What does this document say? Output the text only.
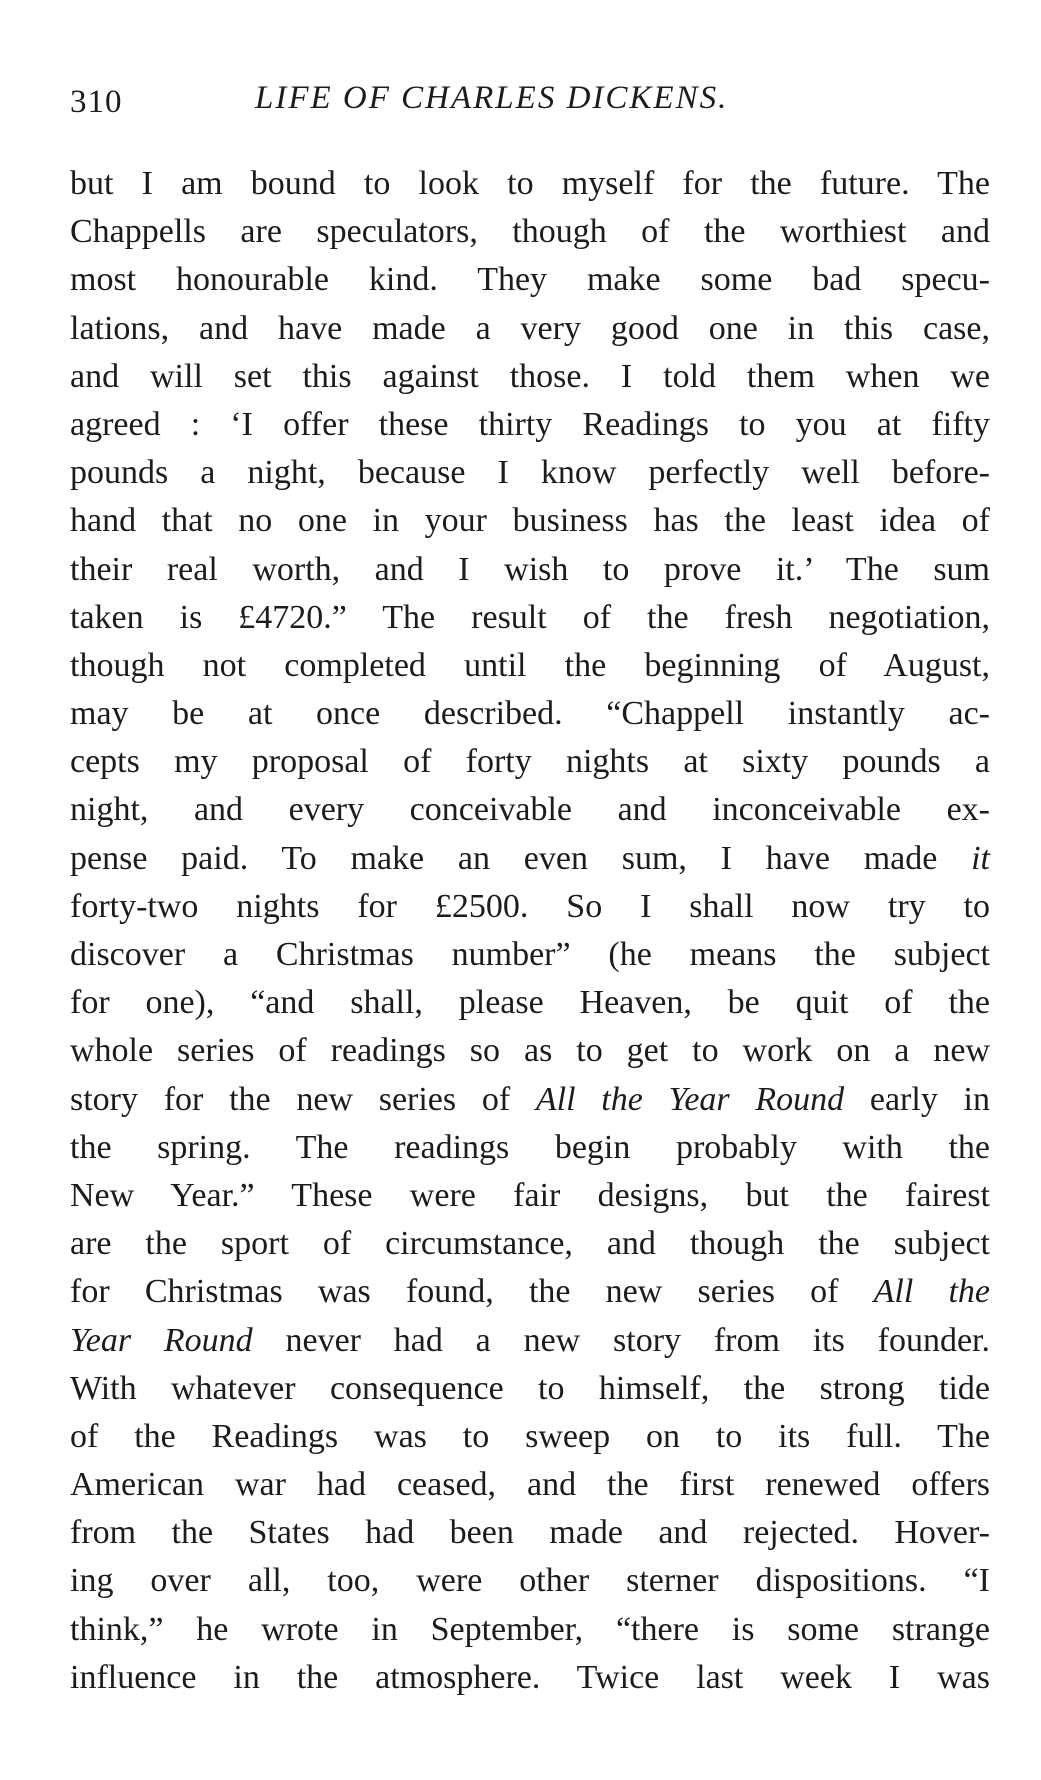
310	LIFE OF CHARLES DICKENS.
but I am bound to look to myself for the future. The
Chappells are speculators, though of the worthiest and
most honourable kind. They make some bad specu-
lations, and have made a very good one in this case,
and will set this against those. I told them when we
agreed : ‘I offer these thirty Readings to you at fifty
pounds a night, because I know perfectly well before-
hand that no one in your business has the least idea of
their real worth, and I wish to prove it.’ The sum
taken is £4720.” The result of the fresh negotiation,
though not completed until the beginning of August,
may be at once described. “Chappell instantly ac-
cepts my proposal of forty nights at sixty pounds a
night, and every conceivable and inconceivable ex-
pense paid. To make an even sum, I have made it
forty-two nights for £2500. So I shall now try to
discover a Christmas number” (he means the subject
for one), “and shall, please Heaven, be quit of the
whole series of readings so as to get to work on a new
story for the new series of All the Year Round early in
the spring. The readings begin probably with the
New Year.” These were fair designs, but the fairest
are the sport of circumstance, and though the subject
for Christmas was found, the new series of All the
Year Round never had a new story from its founder.
With whatever consequence to himself, the strong tide
of the Readings was to sweep on to its full. The
American war had ceased, and the first renewed offers
from the States had been made and rejected. Hover-
ing over all, too, were other sterner dispositions. “I
think,” he wrote in September, “there is some strange
influence in the atmosphere. Twice last week I was
